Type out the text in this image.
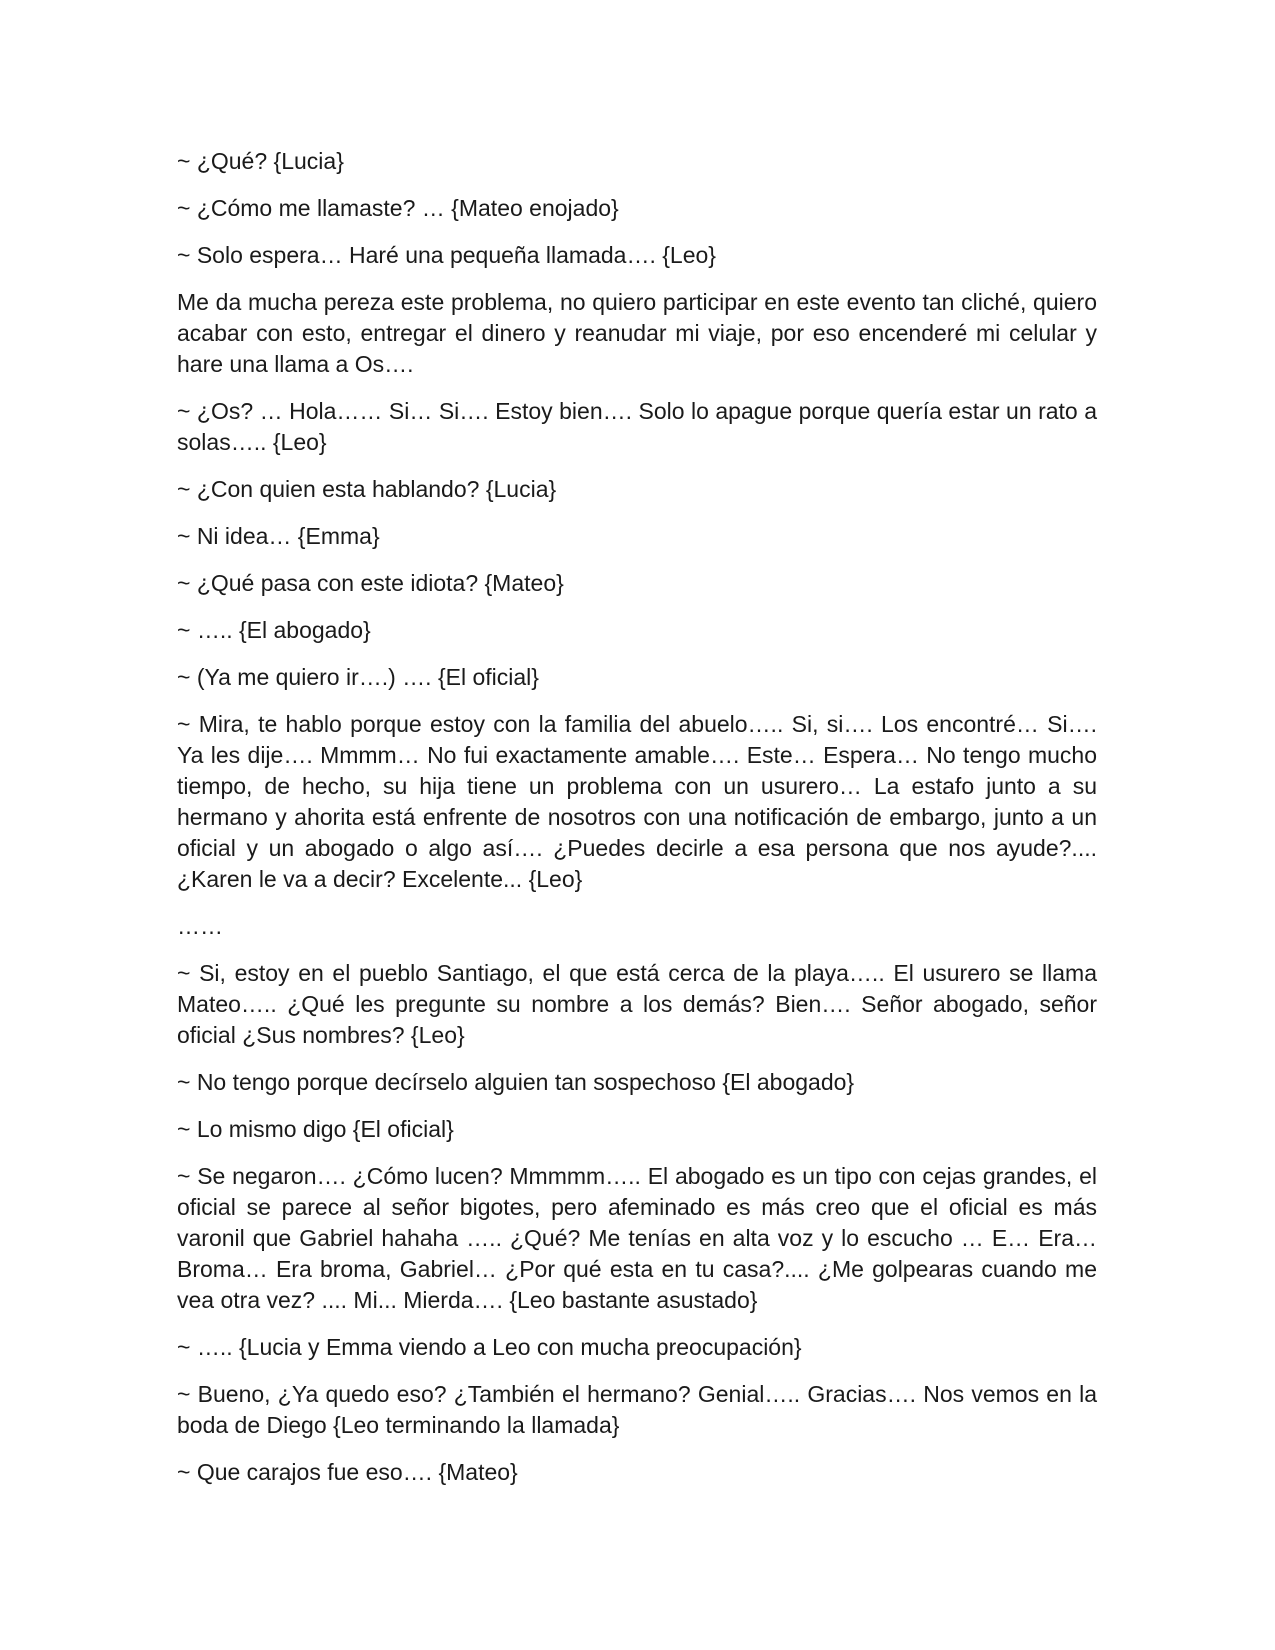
~ ¿Qué? {Lucia}

~ ¿Cómo me llamaste? … {Mateo enojado}

~ Solo espera… Haré una pequeña llamada…. {Leo}

Me da mucha pereza este problema, no quiero participar en este evento tan cliché, quiero acabar con esto, entregar el dinero y reanudar mi viaje, por eso encenderé mi celular y hare una llama a Os….

~ ¿Os? … Hola…… Si… Si…. Estoy bien…. Solo lo apague porque quería estar un rato a solas….. {Leo}

~ ¿Con quien esta hablando? {Lucia}

~ Ni idea… {Emma}

~ ¿Qué pasa con este idiota? {Mateo}

~ ….. {El abogado}

~ (Ya me quiero ir….) …. {El oficial}

~ Mira, te hablo porque estoy con la familia del abuelo….. Si, si…. Los encontré… Si…. Ya les dije…. Mmmm… No fui exactamente amable…. Este… Espera… No tengo mucho tiempo, de hecho, su hija tiene un problema con un usurero… La estafo junto a su hermano y ahorita está enfrente de nosotros con una notificación de embargo, junto a un oficial y un abogado o algo así…. ¿Puedes decirle a esa persona que nos ayude?.... ¿Karen le va a decir? Excelente... {Leo}

……

~ Si, estoy en el pueblo Santiago, el que está cerca de la playa….. El usurero se llama Mateo….. ¿Qué les pregunte su nombre a los demás? Bien…. Señor abogado, señor oficial ¿Sus nombres? {Leo}

~ No tengo porque decírselo alguien tan sospechoso {El abogado}

~ Lo mismo digo {El oficial}

~ Se negaron…. ¿Cómo lucen? Mmmmm….. El abogado es un tipo con cejas grandes, el oficial se parece al señor bigotes, pero afeminado es más creo que el oficial es más varonil que Gabriel hahaha ….. ¿Qué? Me tenías en alta voz y lo escucho … E… Era… Broma… Era broma, Gabriel… ¿Por qué esta en tu casa?.... ¿Me golpearas cuando me vea otra vez? .... Mi... Mierda…. {Leo bastante asustado}

~ ….. {Lucia y Emma viendo a Leo con mucha preocupación}

~ Bueno, ¿Ya quedo eso? ¿También el hermano? Genial….. Gracias…. Nos vemos en la boda de Diego {Leo terminando la llamada}

~ Que carajos fue eso…. {Mateo}
